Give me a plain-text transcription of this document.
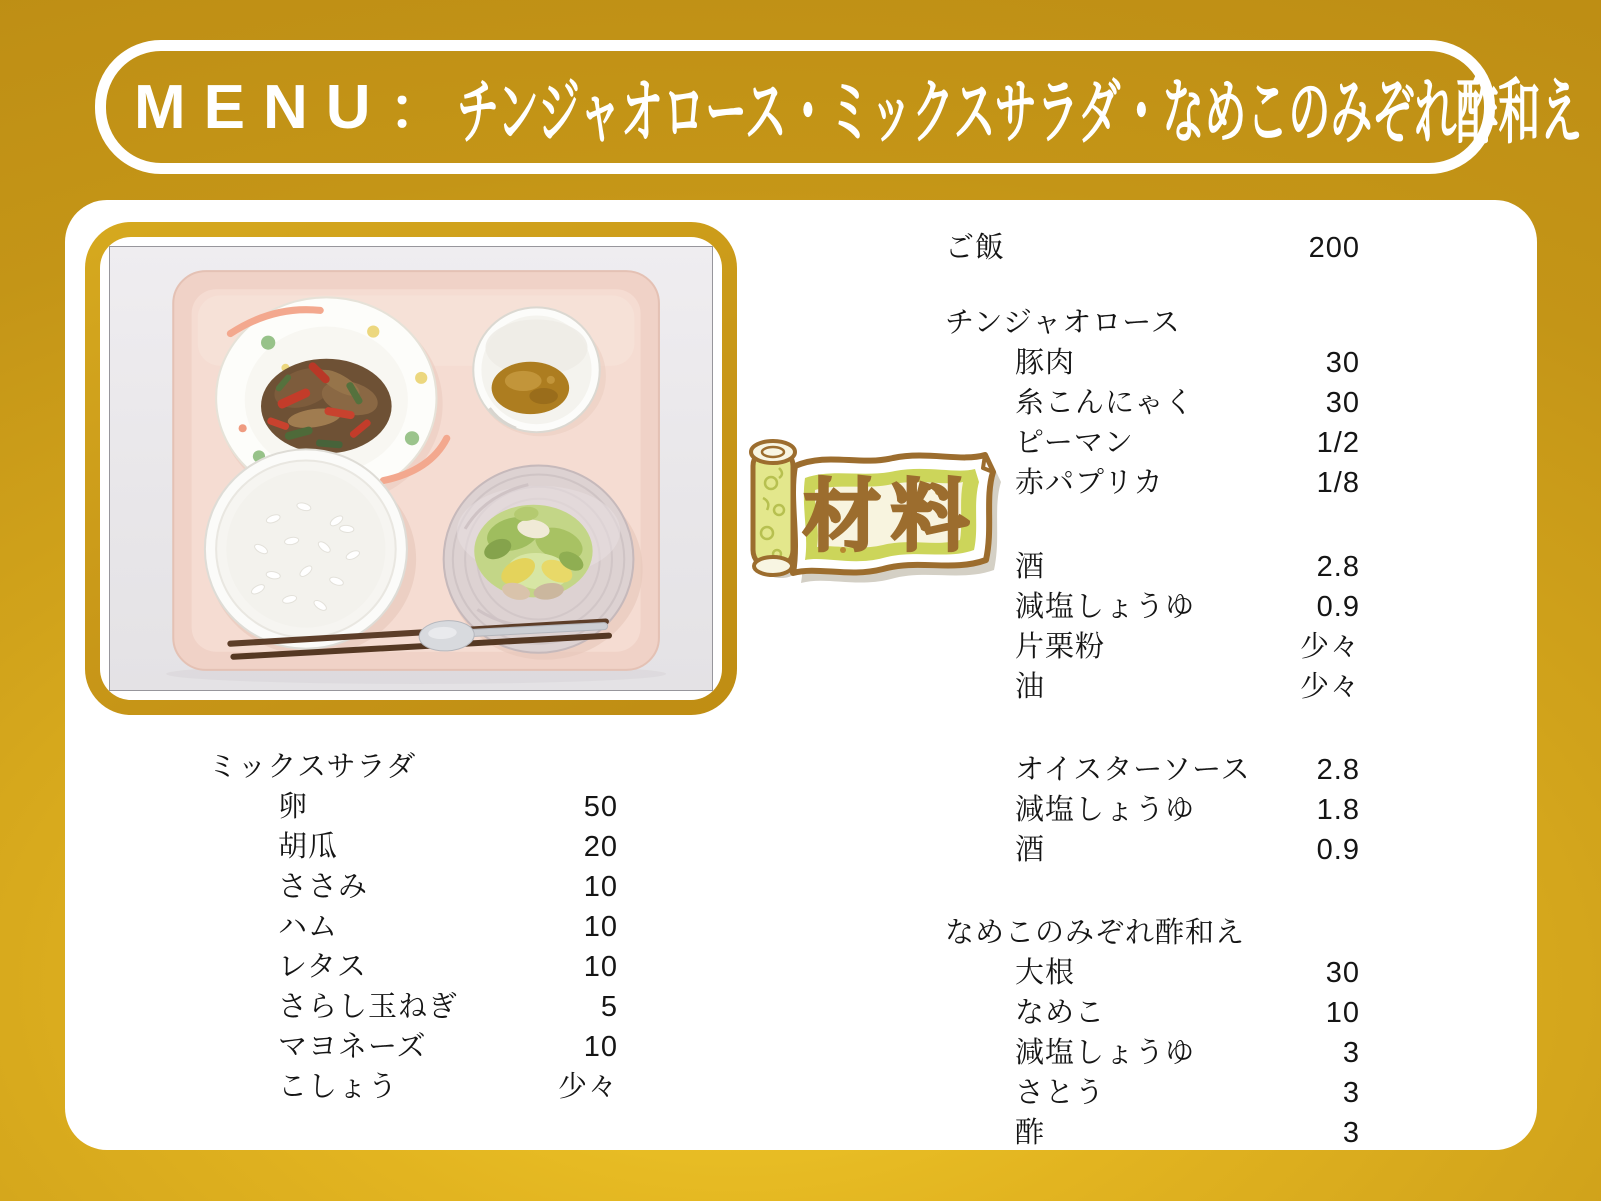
MENU ： チンジャオロース・ミックスサラダ・なめこのみぞれ酢和え
材料
ご飯	200
チンジャオロース
豚肉	30
糸こんにゃく	30
ピーマン	1/2
赤パプリカ	1/8
酒	2.8
減塩しょうゆ	0.9
片栗粉	少々
油	少々
オイスターソース 2.8
減塩しょうゆ	1.8
酒	0.9
なめこのみぞれ酢和え
大根	30
なめこ	10
減塩しょうゆ	3
さとう	3
酢	3
ミックスサラダ
卵	50
胡瓜	20
ささみ	10
ハム	10
レタス	10
さらし玉ねぎ	5
マヨネーズ	10
こしょう	少々
